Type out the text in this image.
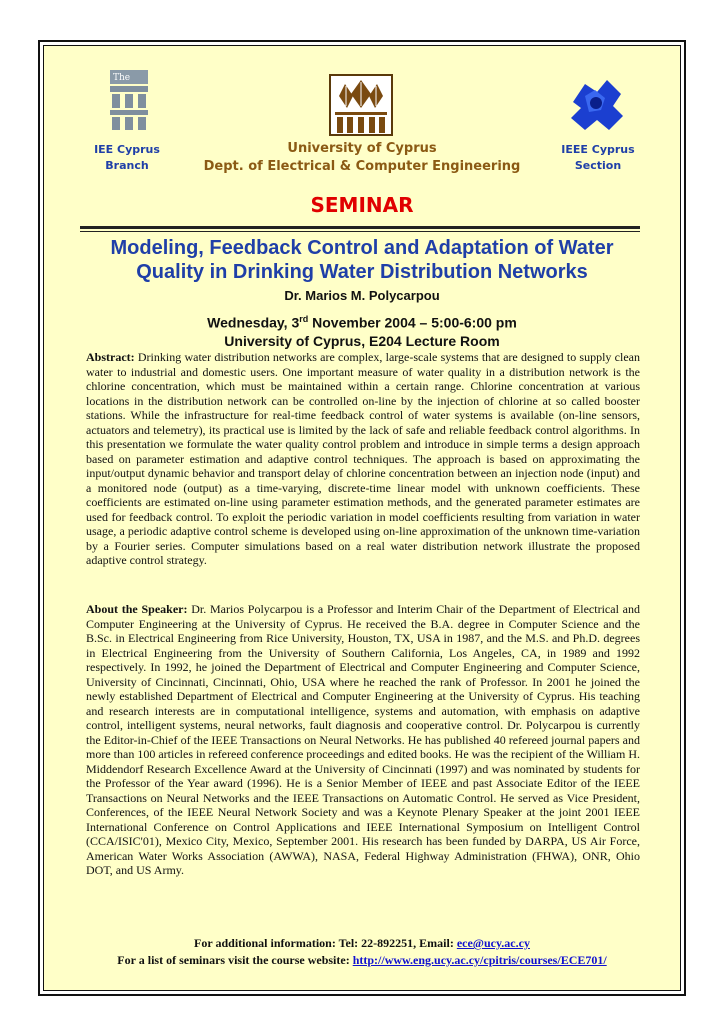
The
IEE Cyprus
Branch
University of Cyprus
Dept. of Electrical & Computer Engineering
IEEE Cyprus
Section
SEMINAR
Modeling, Feedback Control and Adaptation of Water
Quality in Drinking Water Distribution Networks
Dr. Marios M. Polycarpou
Wednesday, 3rd November 2004 – 5:00-6:00 pm
University of Cyprus, E204 Lecture Room

Abstract: Drinking water distribution networks are complex, large-scale systems that are designed to supply clean water to industrial and domestic users. One important measure of water quality in a distribution network is the chlorine concentration, which must be maintained within a certain range. Chlorine concentration at various locations in the distribution network can be controlled on-line by the injection of chlorine at so called booster stations. While the infrastructure for real-time feedback control of water systems is available (on-line sensors, actuators and telemetry), its practical use is limited by the lack of safe and reliable feedback control algorithms. In this presentation we formulate the water quality control problem and introduce in simple terms a design approach based on parameter estimation and adaptive control techniques. The approach is based on approximating the input/output dynamic behavior and transport delay of chlorine concentration between an injection node (input) and a monitored node (output) as a time-varying, discrete-time linear model with unknown coefficients. These coefficients are estimated on-line using parameter estimation methods, and the generated parameter estimates are used for feedback control. To exploit the periodic variation in model coefficients resulting from variation in water usage, a periodic adaptive control scheme is developed using on-line approximation of the unknown time-variation by a Fourier series. Computer simulations based on a real water distribution network illustrate the proposed adaptive control strategy.

About the Speaker: Dr. Marios Polycarpou is a Professor and Interim Chair of the Department of Electrical and Computer Engineering at the University of Cyprus. He received the B.A. degree in Computer Science and the B.Sc. in Electrical Engineering from Rice University, Houston, TX, USA in 1987, and the M.S. and Ph.D. degrees in Electrical Engineering from the University of Southern California, Los Angeles, CA, in 1989 and 1992 respectively. In 1992, he joined the Department of Electrical and Computer Engineering and Computer Science, University of Cincinnati, Cincinnati, Ohio, USA where he reached the rank of Professor. In 2001 he joined the newly established Department of Electrical and Computer Engineering at the University of Cyprus. His teaching and research interests are in computational intelligence, systems and automation, with emphasis on adaptive control, intelligent systems, neural networks, fault diagnosis and cooperative control. Dr. Polycarpou is currently the Editor-in-Chief of the IEEE Transactions on Neural Networks. He has published 40 refereed journal papers and more than 100 articles in refereed conference proceedings and edited books. He was the recipient of the William H. Middendorf Research Excellence Award at the University of Cincinnati (1997) and was nominated by students for the Professor of the Year award (1996). He is a Senior Member of IEEE and past Associate Editor of the IEEE Transactions on Neural Networks and the IEEE Transactions on Automatic Control. He served as Vice President, Conferences, of the IEEE Neural Network Society and was a Keynote Plenary Speaker at the joint 2001 IEEE International Conference on Control Applications and IEEE International Symposium on Intelligent Control (CCA/ISIC'01), Mexico City, Mexico, September 2001. His research has been funded by DARPA, US Air Force, American Water Works Association (AWWA), NASA, Federal Highway Administration (FHWA), ONR, Ohio DOT, and US Army.

For additional information: Tel: 22-892251, Email: ece@ucy.ac.cy
For a list of seminars visit the course website: http://www.eng.ucy.ac.cy/cpitris/courses/ECE701/
